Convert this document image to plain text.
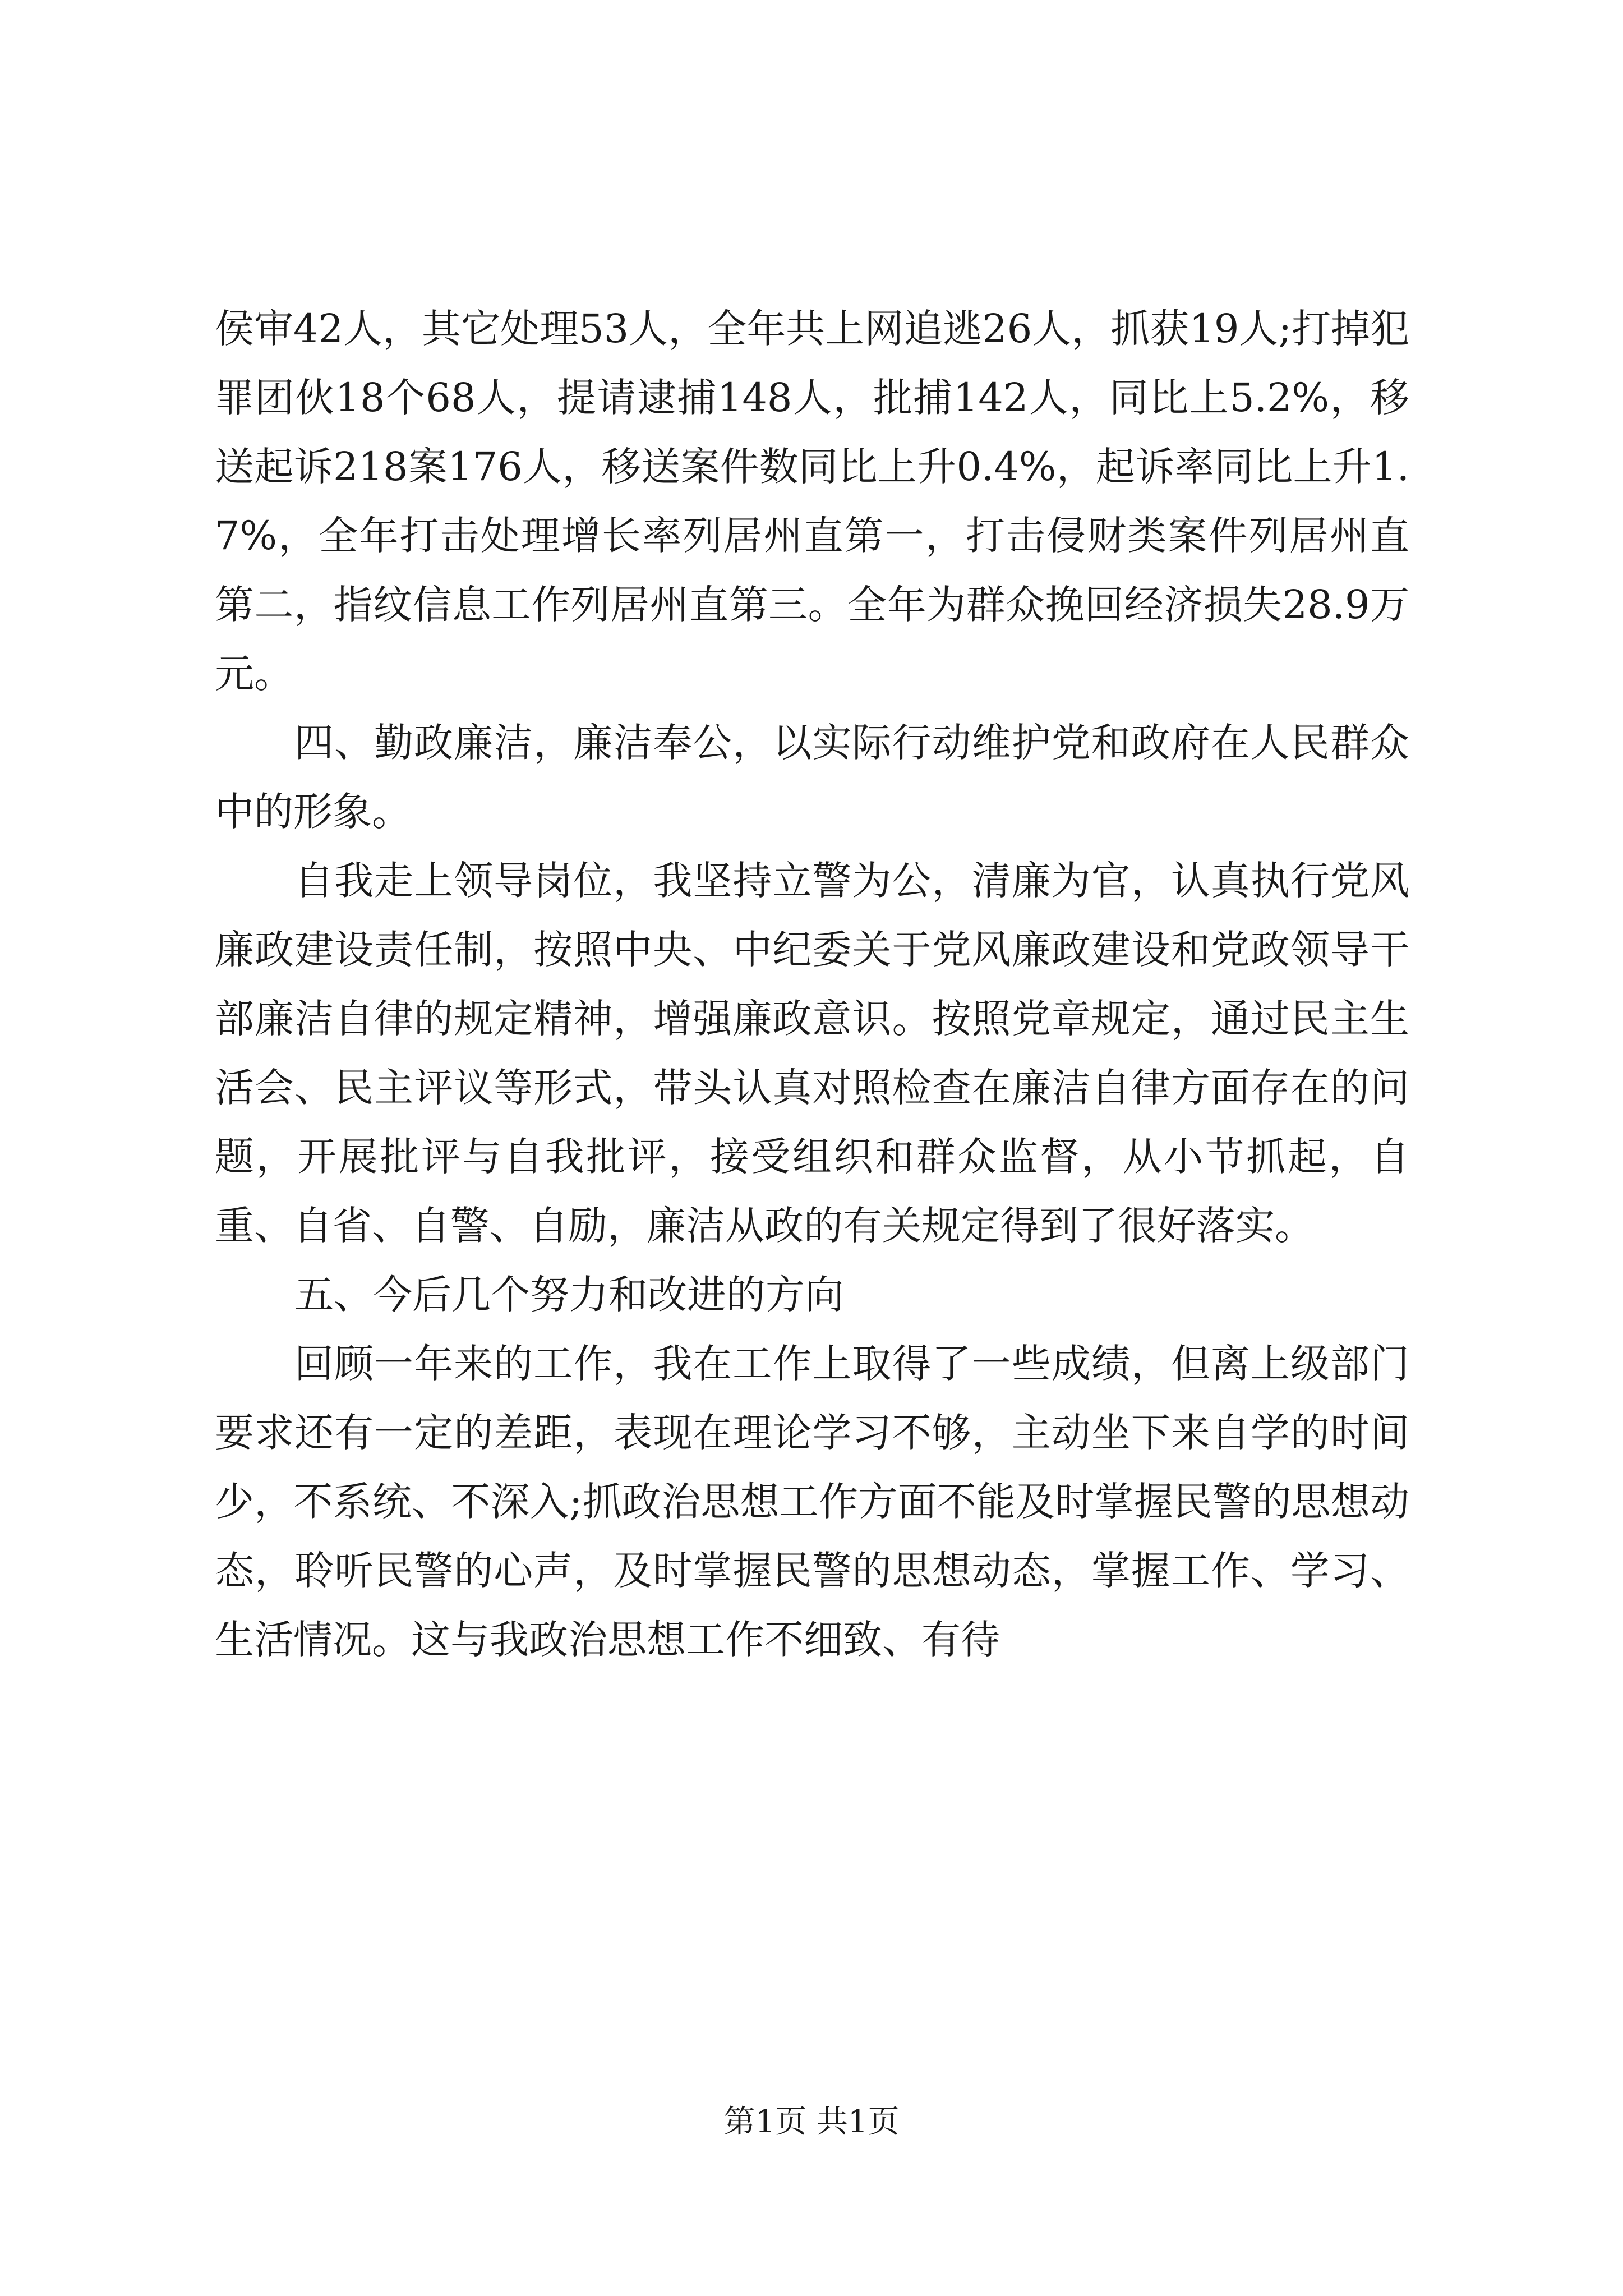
侯审42人，其它处理53人，全年共上网追逃26人，抓获19人;打掉犯罪团伙18个68人，提请逮捕148人，批捕142人，同比上5.2%，移送起诉218案176人，移送案件数同比上升0.4%，起诉率同比上升1.7%，全年打击处理增长率列居州直第一，打击侵财类案件列居州直第二，指纹信息工作列居州直第三。全年为群众挽回经济损失28.9万元。

四、勤政廉洁，廉洁奉公，以实际行动维护党和政府在人民群众中的形象。

自我走上领导岗位，我坚持立警为公，清廉为官，认真执行党风廉政建设责任制，按照中央、中纪委关于党风廉政建设和党政领导干部廉洁自律的规定精神，增强廉政意识。按照党章规定，通过民主生活会、民主评议等形式，带头认真对照检查在廉洁自律方面存在的问题，开展批评与自我批评，接受组织和群众监督，从小节抓起，自重、自省、自警、自励，廉洁从政的有关规定得到了很好落实。

五、今后几个努力和改进的方向

回顾一年来的工作，我在工作上取得了一些成绩，但离上级部门要求还有一定的差距，表现在理论学习不够，主动坐下来自学的时间少，不系统、不深入;抓政治思想工作方面不能及时掌握民警的思想动态，聆听民警的心声，及时掌握民警的思想动态，掌握工作、学习、生活情况。这与我政治思想工作不细致、有待

第1页 共1页
